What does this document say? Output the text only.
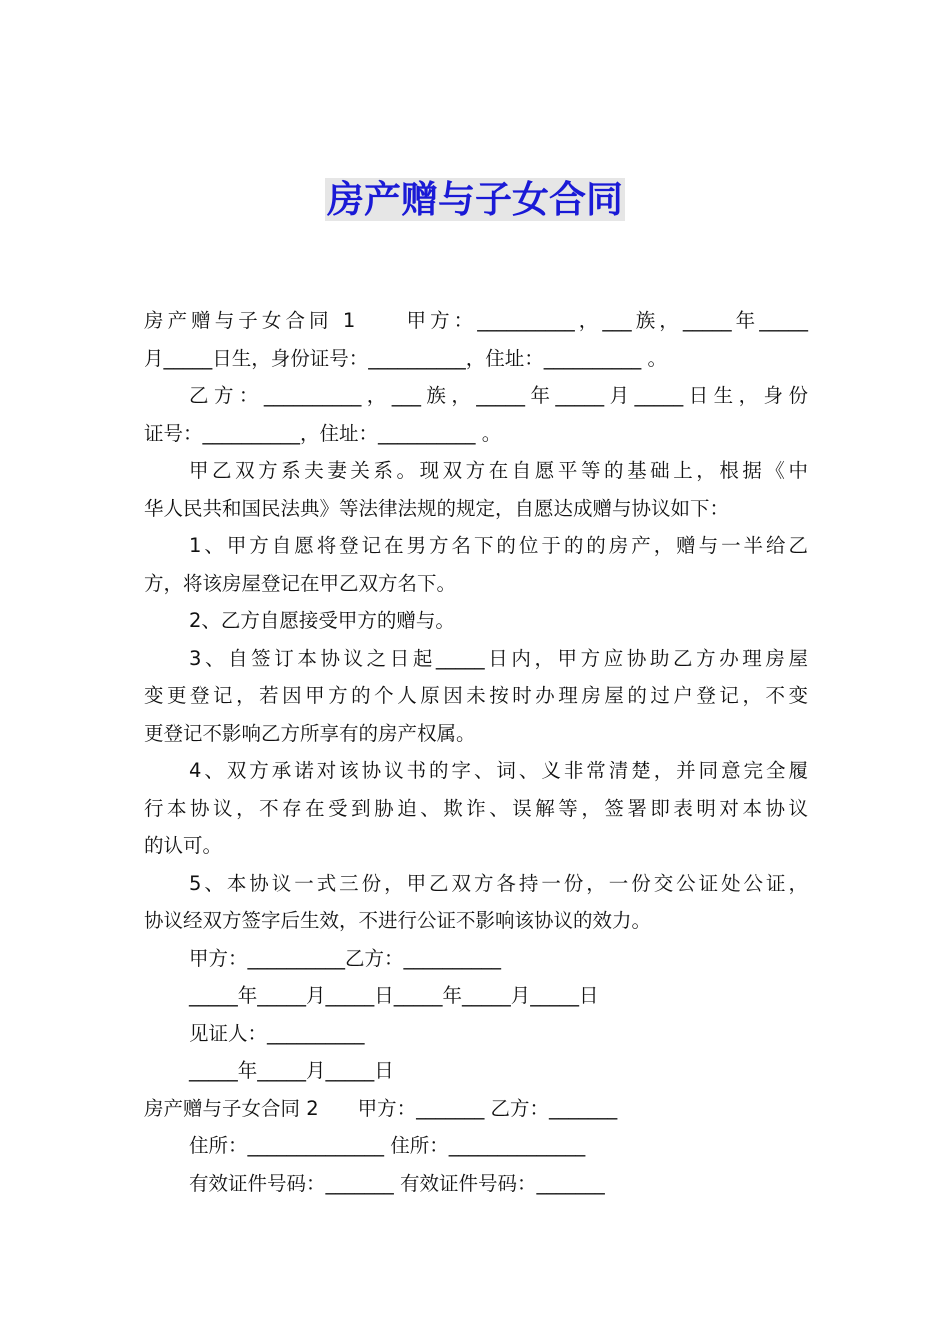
房产赠与子女合同
房产赠与子女合同 1　　甲方：__________，___族，_____年_____
月_____日生，身份证号：__________，住址：__________ 。
乙方：__________，___族，_____年_____月_____日生，身份
证号：__________，住址：__________ 。
甲乙双方系夫妻关系。现双方在自愿平等的基础上，根据《中
华人民共和国民法典》等法律法规的规定，自愿达成赠与协议如下：
1、甲方自愿将登记在男方名下的位于的的房产，赠与一半给乙
方，将该房屋登记在甲乙双方名下。
2、乙方自愿接受甲方的赠与。
3、自签订本协议之日起_____日内，甲方应协助乙方办理房屋
变更登记，若因甲方的个人原因未按时办理房屋的过户登记，不变
更登记不影响乙方所享有的房产权属。
4、双方承诺对该协议书的字、词、义非常清楚，并同意完全履
行本协议，不存在受到胁迫、欺诈、误解等，签署即表明对本协议
的认可。
5、本协议一式三份，甲乙双方各持一份，一份交公证处公证，
协议经双方签字后生效，不进行公证不影响该协议的效力。
甲方：__________乙方：__________
_____年_____月_____日_____年_____月_____日
见证人：__________
_____年_____月_____日
房产赠与子女合同 2　　甲方：_______ 乙方：_______
住所：______________ 住所：______________
有效证件号码：_______ 有效证件号码：_______
